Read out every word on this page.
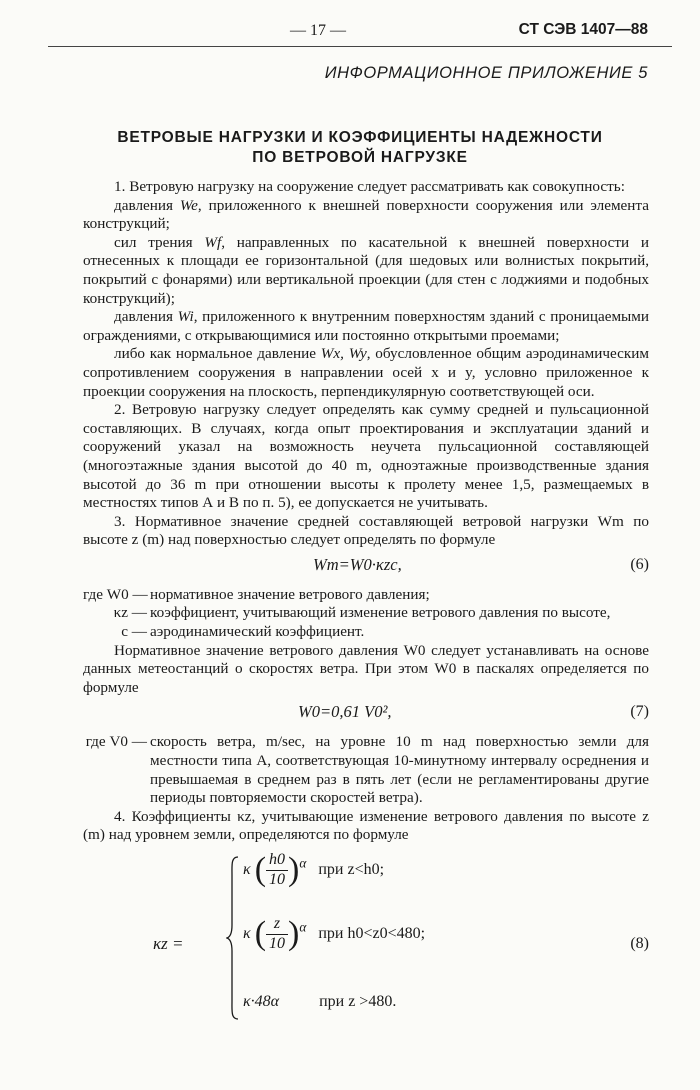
— 17 —	СТ СЭВ 1407—88
ИНФОРМАЦИОННОЕ ПРИЛОЖЕНИЕ 5
ВЕТРОВЫЕ НАГРУЗКИ И КОЭФФИЦИЕНТЫ НАДЕЖНОСТИ
ПО ВЕТРОВОЙ НАГРУЗКЕ

1. Ветровую нагрузку на сооружение следует рассматривать как совокупность:

давления We, приложенного к внешней поверхности сооружения или элемента конструкций;

сил трения Wf, направленных по касательной к внешней поверхности и отнесенных к площади ее горизонтальной (для шедовых или волнистых покрытий, покрытий с фонарями) или вертикальной проекции (для стен с лоджиями и подобных конструкций);

давления Wi, приложенного к внутренним поверхностям зданий с проницаемыми ограждениями, с открывающимися или постоянно открытыми проемами;

либо как нормальное давление Wx, Wy, обусловленное общим аэродинамическим сопротивлением сооружения в направлении осей x и y, условно приложенное к проекции сооружения на плоскость, перпендикулярную соответствующей оси.

2. Ветровую нагрузку следует определять как сумму средней и пульсационной составляющих. В случаях, когда опыт проектирования и эксплуатации зданий и сооружений указал на возможность неучета пульсационной составляющей (многоэтажные здания высотой до 40 m, одноэтажные производственные здания высотой до 36 m при отношении высоты к пролету менее 1,5, размещаемых в местностях типов А и В по п. 5), ее допускается не учитывать.

3. Нормативное значение средней составляющей ветровой нагрузки Wm по высоте z (m) над поверхностью следует определять по формуле

Wm=W0·κzc,	(6)
где W0 — нормативное значение ветрового давления;
κz — коэффициент, учитывающий изменение ветрового давления по высоте,
c — аэродинамический коэффициент.

Нормативное значение ветрового давления W0 следует устанавливать на основе данных метеостанций о скоростях ветра. При этом W0 в паскалях определяется по формуле

W0=0,61 V0²,	(7)
где V0 — скорость ветра, m/sec, на уровне 10 m над поверхностью земли для местности типа А, соответствующая 10-минутному интервалу осреднения и превышаемая в среднем раз в пять лет (если не регламентированы другие периоды повторяемости скоростей ветра).

4. Коэффициенты κz, учитывающие изменение ветрового давления по высоте z (m) над уровнем земли, определяются по формуле

κz =
κ ( $\frac{h0}{10} )^\alpha$ при z<h0;
κ ( $\frac{z}{10} )^\alpha$ при h0<z0<480;
κ·48α	при z >480.
(8)
